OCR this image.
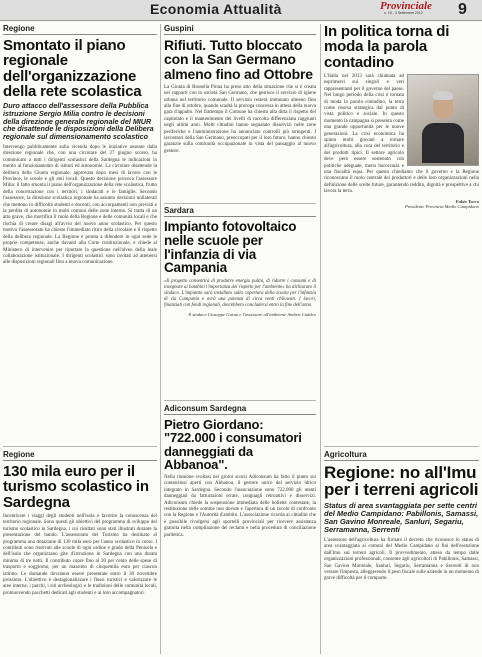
Economia Attualità	Provinciale
n. 15 - 3 Settembre 2012 9
Regione
Smontato il piano regionale dell'organizzazione della rete scolastica
Duro attacco dell'assessore della Pubblica istruzione Sergio Milia contro le decisioni della direzione generale regionale del MIUR che disattende le disposizioni della Delibera regionale sul dimensionamento scolastico
Intervengo pubblicamente sulla vicenda dopo le iniziative assunte dalla direzione regionale che, con una circolare del 27 giugno scorso, ha comunicato a tutti i dirigenti scolastici della Sardegna le indicazioni in merito al funzionamento di istituti ed autonomie. La circolare disattende la delibera della Giunta regionale, approvata dopo mesi di lavoro con le Province, le scuole e gli enti locali. Questo decisione provoca l'assessore Milia: il fatto smonta il piano dell'organizzazione della rete scolastica, frutto della concertazione con i territori, i sindacati e le famiglie. Secondo l'assessore, la direzione scolastica regionale ha assunto decisioni unilaterali che mettono in difficoltà studenti e docenti, con accorpamenti non previsti e la perdita di autonomie in molti comuni delle zone interne. Si tratta di un atto grave, che mortifica il ruolo della Regione e delle comunità locali e che rischia di creare disagi all'avvio del nuovo anno scolastico. Per questo motivo l'assessorato ha chiesto l'immediato ritiro della circolare e il rispetto della delibera regionale. La Regione è pronta a difendere in ogni sede le proprie competenze, anche davanti alla Corte costituzionale, e chiede al Ministero di intervenire per riportare la questione nell'alveo della leale collaborazione istituzionale. I dirigenti scolastici sono invitati ad attenersi alle disposizioni regionali fino a nuova comunicazione.
Regione
130 mila euro per il turismo scolastico in Sardegna
Incentivare i viaggi degli studenti nell'isola e favorire la conoscenza del territorio regionale. Sono questi gli obiettivi del programma di sviluppo del turismo scolastico in Sardegna, i cui risultati sono stati illustrati durante la presentazione del bando. L'assessorato del Turismo ha destinato al programma una dotazione di 130 mila euro per l'anno scolastico in corso. I contributi sono riservati alle scuole di ogni ordine e grado della Penisola e dell'isola che organizzano gite d'istruzione in Sardegna con una durata minima di tre notti. Il contributo copre fino al 30 per cento delle spese di trasporto e soggiorno, per un massimo di cinquemila euro per ciascun istituto. Le domande dovranno essere presentate entro il 30 novembre prossimo. L'obiettivo è destagionalizzare i flussi turistici e valorizzare le aree interne, i parchi, i siti archeologici e le tradizioni delle comunità locali, promuovendo pacchetti dedicati agli studenti e ai loro accompagnatori.
Guspini
Rifiuti. Tutto bloccato con la San Germano almeno fino ad Ottobre
La Giunta di Rossella Pinna ha preso atto della situazione che si è creata nei rapporti con la società San Germano, che gestisce il servizio di igiene urbana nel territorio comunale. Il servizio resterà immutato almeno fino alla fine di ottobre, quando scadrà la proroga concessa in attesa della nuova gara d'appalto. Nel frattempo il Comune ha chiesto alla ditta il rispetto del capitolato e il mantenimento dei livelli di raccolta differenziata raggiunti negli ultimi anni. Molti cittadini hanno segnalato disservizi nelle zone periferiche e l'amministrazione ha annunciato controlli più stringenti. I lavoratori della San Germano, preoccupati per il loro futuro, hanno chiesto garanzie sulla continuità occupazionale in vista del passaggio al nuovo gestore.
Sardara
Impianto fotovoltaico nelle scuole per l'infanzia di via Campania
«Il progetto consentirà di produrre energia pulita, di ridurre i consumi e di insegnare ai bambini l'importanza del rispetto per l'ambiente» ha dichiarato il sindaco. L'impianto sarà installato sulla copertura della scuola per l'infanzia di via Campania e avrà una potenza di circa venti chilowatt. I lavori, finanziati con fondi regionali, dovrebbero concludersi entro la fine dell'anno.
Il sindaco Giuseppe Garau e l'assessore all'ambiente Andrea Caddeo
Adiconsum Sardegna
Pietro Giordano: "722.000 i consumatori danneggiati da Abbanoa".
Nella riunione svoltasi nei giorni scorsi Adiconsum ha fatto il punto sui contenziosi aperti con Abbanoa, il gestore unico del servizio idrico integrato in Sardegna. Secondo l'associazione sono 722.000 gli utenti danneggiati da fatturazioni errate, conguagli retroattivi e disservizi. Adiconsum chiede la sospensione immediata delle bollette contestate, la restituzione delle somme non dovute e l'apertura di un tavolo di confronto con la Regione e l'Autorità d'ambito. L'associazione ricorda ai cittadini che è possibile rivolgersi agli sportelli provinciali per ricevere assistenza gratuita nella compilazione dei reclami e nella procedura di conciliazione paritetica.
In politica torna di moda la parola contadino
L'Italia nel 2013 sarà chiamata ad esprimersi sui singoli e veri rappresentanti per il governo del paese. Nel lungo periodo della crisi è tornata di moda la parola contadino, la terra come risorsa strategica dal punto di vista politico e sociale. In questo momento la campagna si presenta come una grande opportunità per le nuove generazioni. La crisi economica ha spinto molti giovani a tornare all'agricoltura, alla cura del territorio e dei prodotti tipici. Il settore agricolo deve però essere sostenuto con politiche adeguate, meno burocrazia e una fiscalità equa. Per questo chiediamo che il governo e la Regione riconoscano il ruolo centrale dei produttori e delle loro organizzazioni nella definizione delle scelte future, garantendo reddito, dignità e prospettive a chi lavora la terra.
Fabio Tocco
Presidente Provincia Medio Campidano
Agricoltura
Regione: no all'Imu per i terreni agricoli
Status di area svantaggiata per sette centri del Medio Campidano: Pabillonis, Samassi, San Gavino Monreale, Sanluri, Segariu, Serramanna, Serrenti
L'assessore dell'agricoltura ha firmato il decreto che riconosce lo status di area svantaggiata ai comuni del Medio Campidano ai fini dell'esenzione dall'Imu sui terreni agricoli. Il provvedimento, atteso da tempo dalle organizzazioni professionali, consente agli agricoltori di Pabillonis, Samassi, San Gavino Monreale, Sanluri, Segariu, Serramanna e Serrenti di non versare l'imposta, alleggerendo il peso fiscale sulle aziende in un momento di grave difficoltà per il comparto.
